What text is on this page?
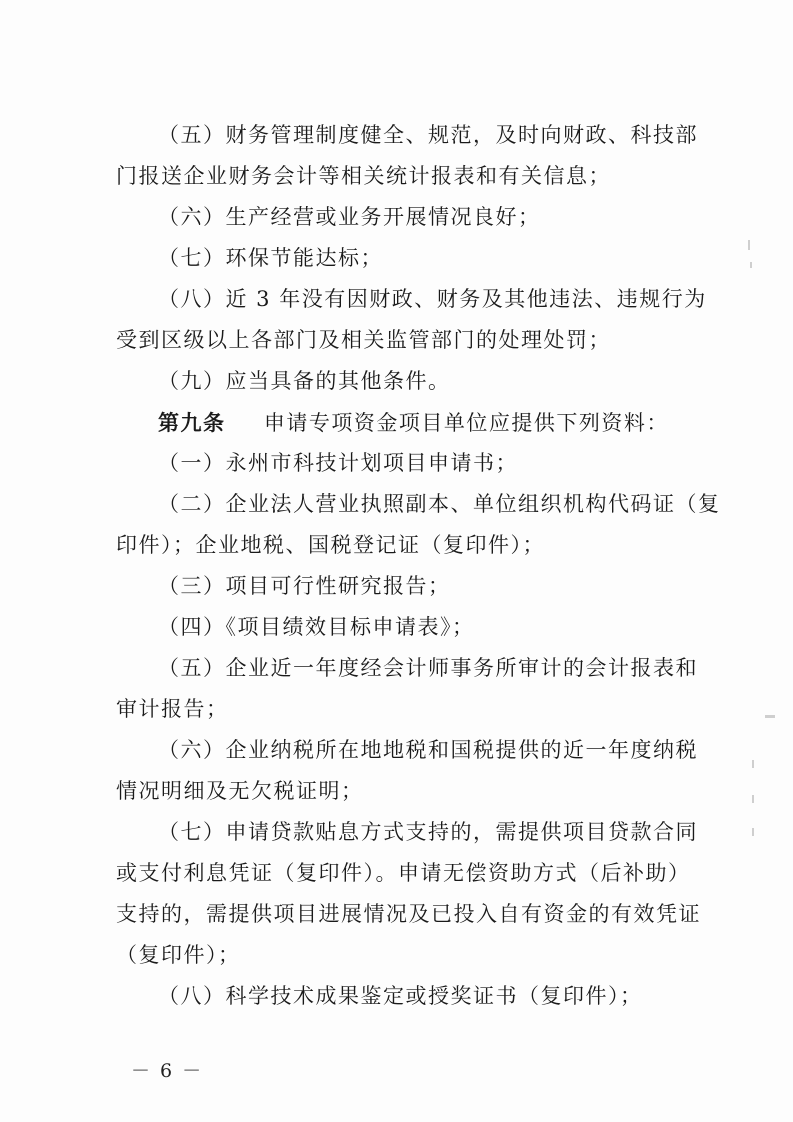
（五）财务管理制度健全、规范，及时向财政、科技部
门报送企业财务会计等相关统计报表和有关信息；
（六）生产经营或业务开展情况良好；
（七）环保节能达标；
（八）近 3 年没有因财政、财务及其他违法、违规行为
受到区级以上各部门及相关监管部门的处理处罚；
（九）应当具备的其他条件。
第九条 申请专项资金项目单位应提供下列资料：
（一）永州市科技计划项目申请书；
（二）企业法人营业执照副本、单位组织机构代码证（复
印件）；企业地税、国税登记证（复印件）；
（三）项目可行性研究报告；
（四）《项目绩效目标申请表》；
（五）企业近一年度经会计师事务所审计的会计报表和
审计报告；
（六）企业纳税所在地地税和国税提供的近一年度纳税
情况明细及无欠税证明；
（七）申请贷款贴息方式支持的，需提供项目贷款合同
或支付利息凭证（复印件）。申请无偿资助方式（后补助）
支持的，需提供项目进展情况及已投入自有资金的有效凭证
（复印件）；
（八）科学技术成果鉴定或授奖证书（复印件）；
－ 6 －
